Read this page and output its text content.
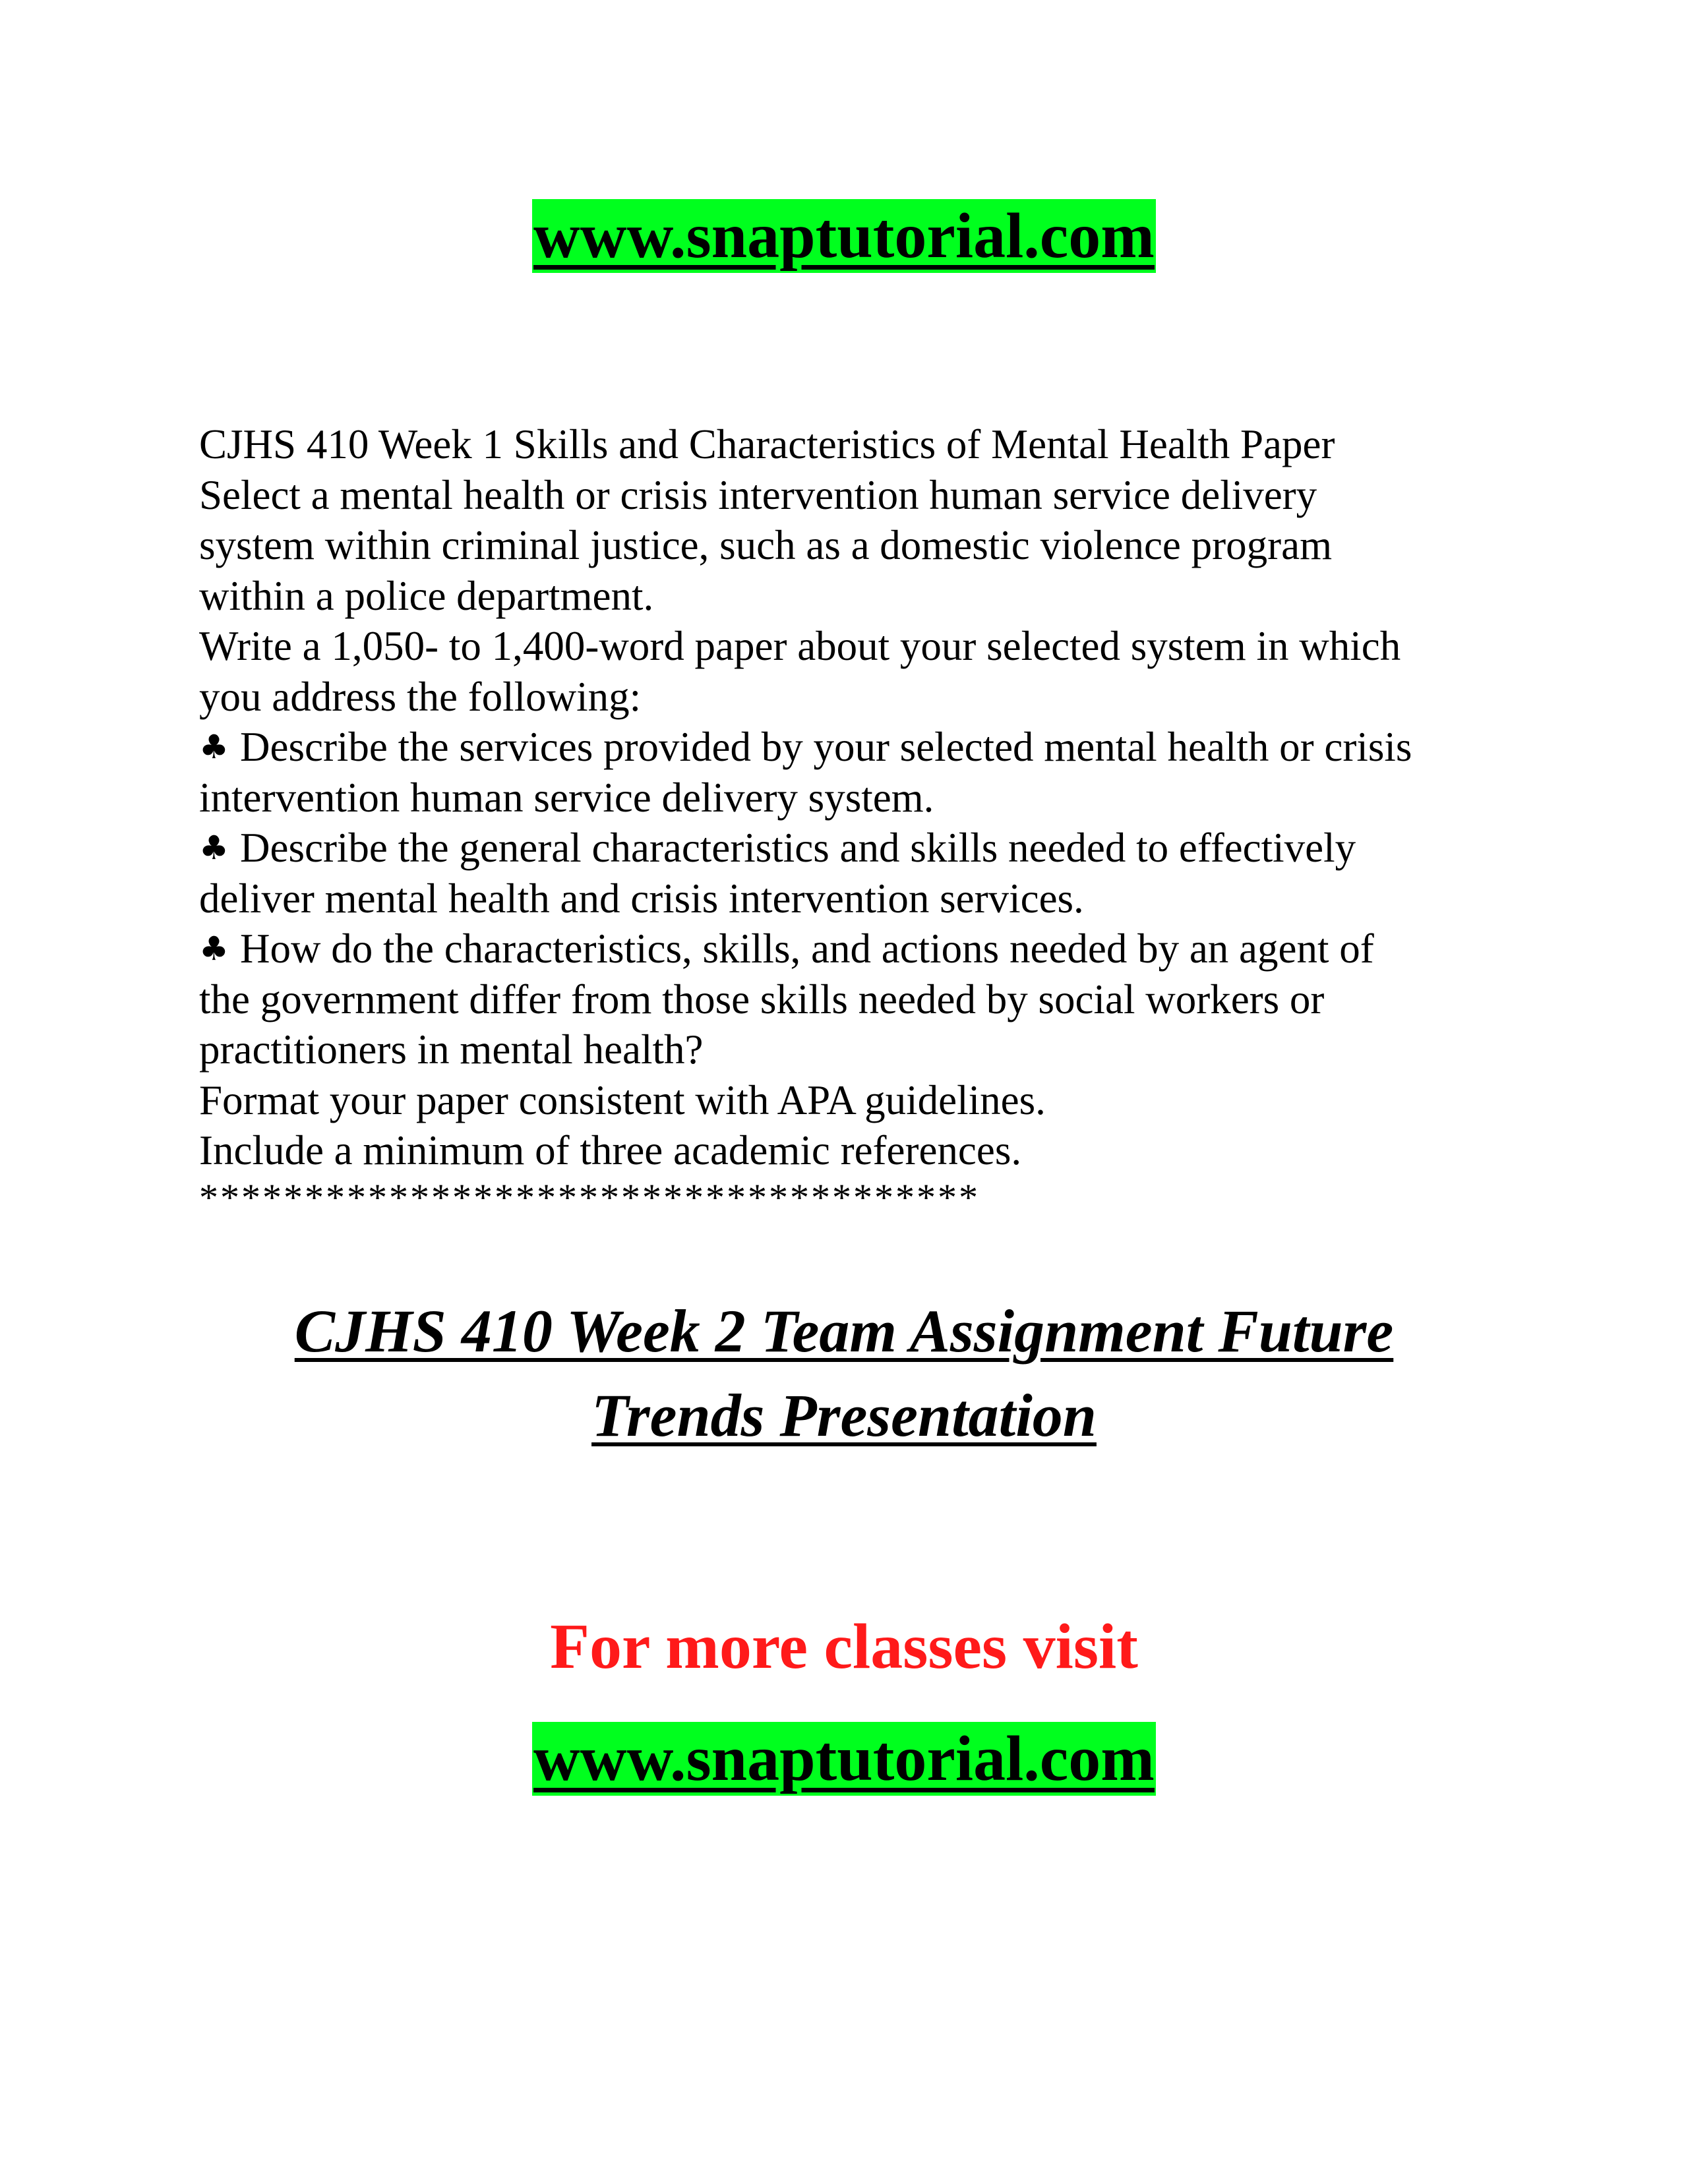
www.snaptutorial.com
CJHS 410 Week 1 Skills and Characteristics of Mental Health Paper
Select a mental health or crisis intervention human service delivery
system within criminal justice, such as a domestic violence program
within a police department.
Write a 1,050- to 1,400-word paper about your selected system in which
you address the following:
♣ Describe the services provided by your selected mental health or crisis
intervention human service delivery system.
♣ Describe the general characteristics and skills needed to effectively
deliver mental health and crisis intervention services.
♣ How do the characteristics, skills, and actions needed by an agent of
the government differ from those skills needed by social workers or
practitioners in mental health?
Format your paper consistent with APA guidelines.
Include a minimum of three academic references.
*************************************
CJHS 410 Week 2 Team Assignment Future
Trends Presentation
For more classes visit
www.snaptutorial.com
